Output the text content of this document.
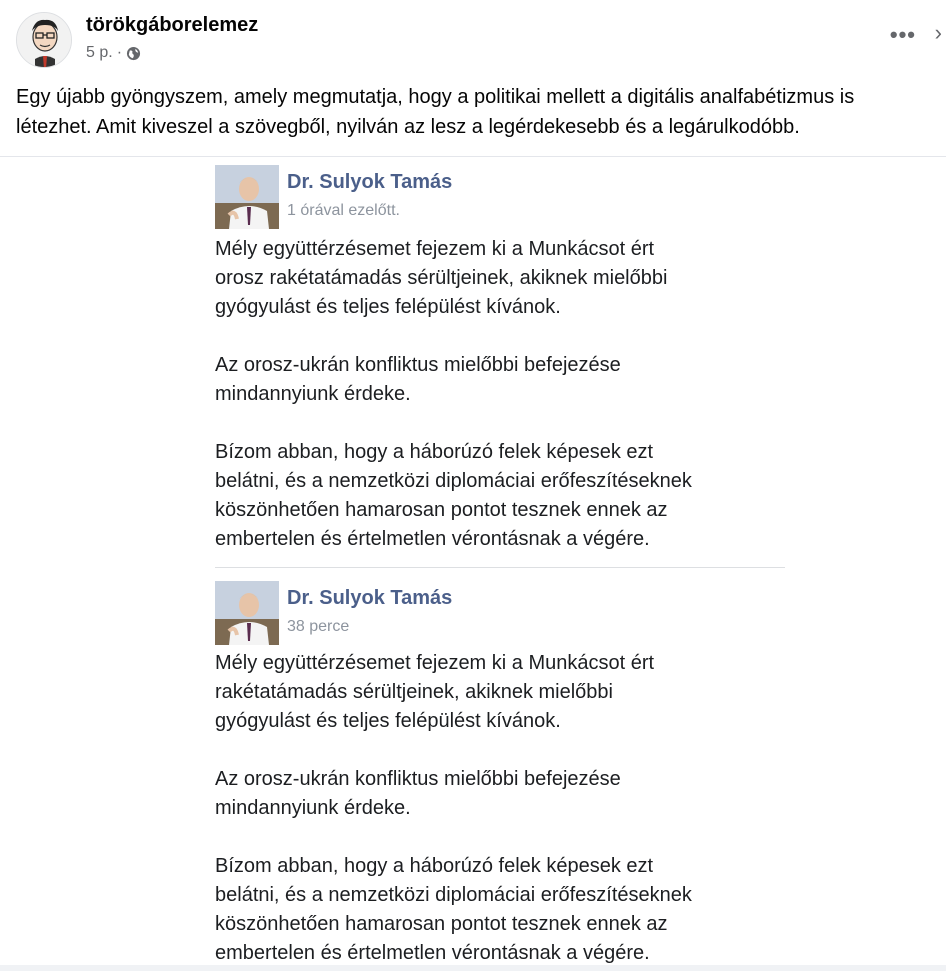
törökgáborelemez
5 p. ·
••• ›
Egy újabb gyöngyszem, amely megmutatja, hogy a politikai mellett a digitális analfabétizmus is
létezhet. Amit kiveszel a szövegből, nyilván az lesz a legérdekesebb és a legárulkodóbb.
Dr. Sulyok Tamás
1 órával ezelőtt.
Mély együttérzésemet fejezem ki a Munkácsot ért
orosz rakétatámadás sérültjeinek, akiknek mielőbbi
gyógyulást és teljes felépülést kívánok.
Az orosz-ukrán konfliktus mielőbbi befejezése
mindannyiunk érdeke.
Bízom abban, hogy a háborúzó felek képesek ezt
belátni, és a nemzetközi diplomáciai erőfeszítéseknek
köszönhetően hamarosan pontot tesznek ennek az
embertelen és értelmetlen vérontásnak a végére.
Dr. Sulyok Tamás
38 perce
Mély együttérzésemet fejezem ki a Munkácsot ért
rakétatámadás sérültjeinek, akiknek mielőbbi
gyógyulást és teljes felépülést kívánok.
Az orosz-ukrán konfliktus mielőbbi befejezése
mindannyiunk érdeke.
Bízom abban, hogy a háborúzó felek képesek ezt
belátni, és a nemzetközi diplomáciai erőfeszítéseknek
köszönhetően hamarosan pontot tesznek ennek az
embertelen és értelmetlen vérontásnak a végére.
